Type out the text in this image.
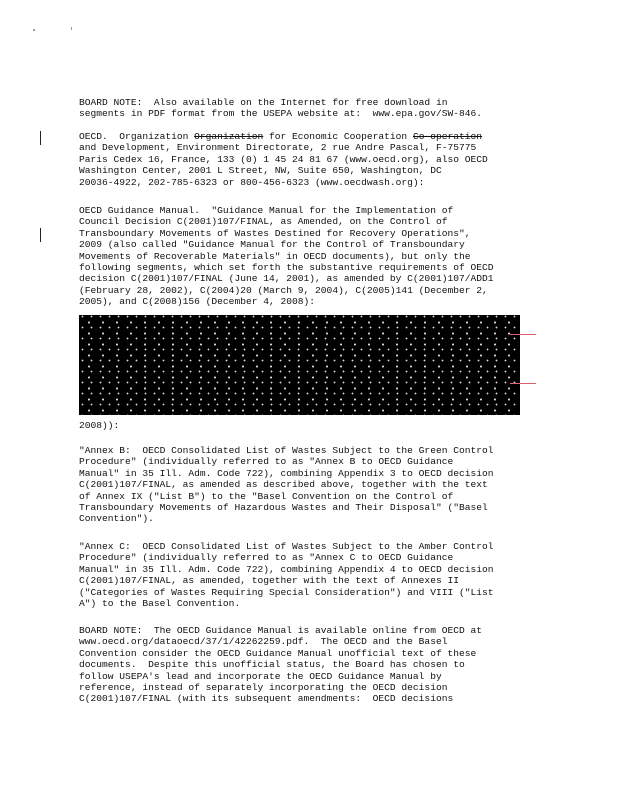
BOARD NOTE:  Also available on the Internet for free download in
segments in PDF format from the USEPA website at:  www.epa.gov/SW-846.

OECD.  Organization Organization for Economic Cooperation Co-operation
and Development, Environment Directorate, 2 rue Andre Pascal, F-75775
Paris Cedex 16, France, 133 (0) 1 45 24 81 67 (www.oecd.org), also OECD
Washington Center, 2001 L Street, NW, Suite 650, Washington, DC
20036-4922, 202-785-6323 or 800-456-6323 (www.oecdwash.org):

OECD Guidance Manual.  "Guidance Manual for the Implementation of
Council Decision C(2001)107/FINAL, as Amended, on the Control of
Transboundary Movements of Wastes Destined for Recovery Operations",
2009 (also called "Guidance Manual for the Control of Transboundary
Movements of Recoverable Materials" in OECD documents), but only the
following segments, which set forth the substantive requirements of OECD
decision C(2001)107/FINAL (June 14, 2001), as amended by C(2001)107/ADD1
(February 28, 2002), C(2004)20 (March 9, 2004), C(2005)141 (December 2,
2005), and C(2008)156 (December 4, 2008):

2008)):

"Annex B:  OECD Consolidated List of Wastes Subject to the Green Control
Procedure" (individually referred to as "Annex B to OECD Guidance
Manual" in 35 Ill. Adm. Code 722), combining Appendix 3 to OECD decision
C(2001)107/FINAL, as amended as described above, together with the text
of Annex IX ("List B") to the "Basel Convention on the Control of
Transboundary Movements of Hazardous Wastes and Their Disposal" ("Basel
Convention").

"Annex C:  OECD Consolidated List of Wastes Subject to the Amber Control
Procedure" (individually referred to as "Annex C to OECD Guidance
Manual" in 35 Ill. Adm. Code 722), combining Appendix 4 to OECD decision
C(2001)107/FINAL, as amended, together with the text of Annexes II
("Categories of Wastes Requiring Special Consideration") and VIII ("List
A") to the Basel Convention.

BOARD NOTE:  The OECD Guidance Manual is available online from OECD at
www.oecd.org/dataoecd/37/1/42262259.pdf.  The OECD and the Basel
Convention consider the OECD Guidance Manual unofficial text of these
documents.  Despite this unofficial status, the Board has chosen to
follow USEPA's lead and incorporate the OECD Guidance Manual by
reference, instead of separately incorporating the OECD decision
C(2001)107/FINAL (with its subsequent amendments:  OECD decisions
